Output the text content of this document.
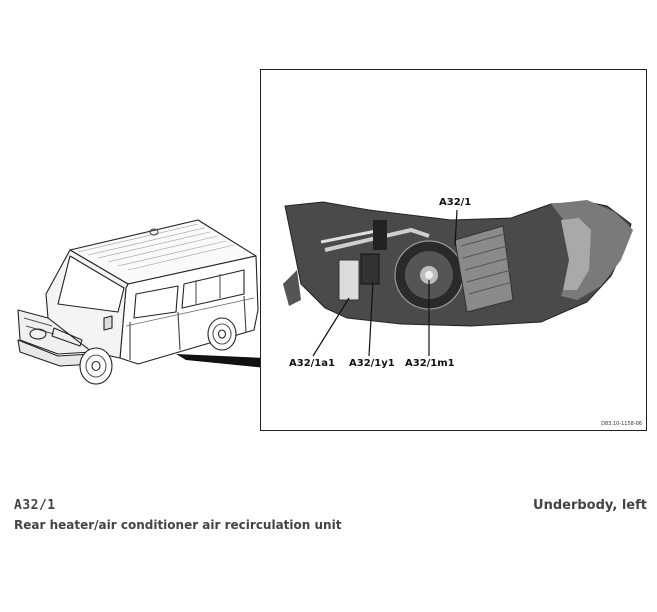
A32/1
A32/1a1 A32/1y1 A32/1m1
D83.10-1158-06
A32/1
Rear heater/air conditioner air recirculation unit
Underbody, left
